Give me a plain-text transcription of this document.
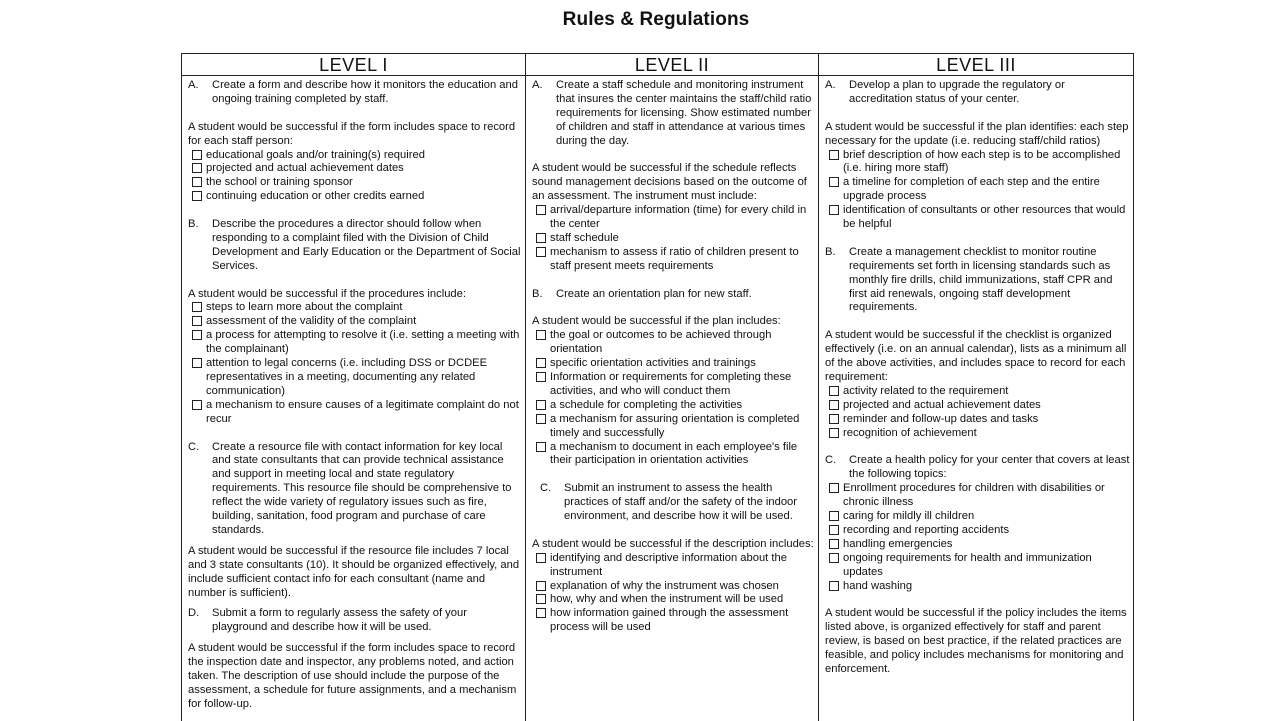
Rules & Regulations
LEVEL I
A.	Create a form and describe how it monitors the education and ongoing training completed by staff.

A student would be successful if the form includes space to record for each staff person:

educational goals and/or training(s) required
projected and actual achievement dates
the school or training sponsor
continuing education or other credits earned
B.	Describe the procedures a director should follow when responding to a complaint filed with the Division of Child Development and Early Education or the Department of Social Services.

A student would be successful if the procedures include:

steps to learn more about the complaint
assessment of the validity of the complaint
a process for attempting to resolve it (i.e. setting a meeting with the complainant)
attention to legal concerns (i.e. including DSS or DCDEE representatives in a meeting, documenting any related communication)
a mechanism to ensure causes of a legitimate complaint do not recur
C.	Create a resource file with contact information for key local and state consultants that can provide technical assistance and support in meeting local and state regulatory requirements. This resource file should be comprehensive to reflect the wide variety of regulatory issues such as fire, building, sanitation, food program and purchase of care standards.

A student would be successful if the resource file includes 7 local and 3 state consultants (10). It should be organized effectively, and include sufficient contact info for each consultant (name and number is sufficient).

D.	Submit a form to regularly assess the safety of your playground and describe how it will be used.

A student would be successful if the form includes space to record the inspection date and inspector, any problems noted, and action taken. The description of use should include the purpose of the assessment, a schedule for future assignments, and a mechanism for follow-up.

LEVEL II
A.	Create a staff schedule and monitoring instrument that insures the center maintains the staff/child ratio requirements for licensing. Show estimated number of children and staff in attendance at various times during the day.

A student would be successful if the schedule reflects sound management decisions based on the outcome of an assessment. The instrument must include:

arrival/departure information (time) for every child in the center
staff schedule
mechanism to assess if ratio of children present to staff present meets requirements
B.	Create an orientation plan for new staff.

A student would be successful if the plan includes:

the goal or outcomes to be achieved through orientation
specific orientation activities and trainings
Information or requirements for completing these activities, and who will conduct them
a schedule for completing the activities
a mechanism for assuring orientation is completed timely and successfully
a mechanism to document in each employee's file their participation in orientation activities
C.	Submit an instrument to assess the health practices of staff and/or the safety of the indoor environment, and describe how it will be used.

A student would be successful if the description includes:

identifying and descriptive information about the instrument
explanation of why the instrument was chosen
how, why and when the instrument will be used
how information gained through the assessment process will be used
LEVEL III
A.	Develop a plan to upgrade the regulatory or accreditation status of your center.

A student would be successful if the plan identifies: each step necessary for the update (i.e. reducing staff/child ratios)

brief description of how each step is to be accomplished (i.e. hiring more staff)
a timeline for completion of each step and the entire upgrade process
identification of consultants or other resources that would be helpful
B.	Create a management checklist to monitor routine requirements set forth in licensing standards such as monthly fire drills, child immunizations, staff CPR and first aid renewals, ongoing staff development requirements.

A student would be successful if the checklist is organized effectively (i.e. on an annual calendar), lists as a minimum all of the above activities, and includes space to record for each requirement:

activity related to the requirement
projected and actual achievement dates
reminder and follow-up dates and tasks
recognition of achievement
C.	Create a health policy for your center that covers at least the following topics:
Enrollment procedures for children with disabilities or chronic illness
caring for mildly ill children
recording and reporting accidents
handling emergencies
ongoing requirements for health and immunization updates
hand washing

A student would be successful if the policy includes the items listed above, is organized effectively for staff and parent review, is based on best practice, if the related practices are feasible, and policy includes mechanisms for monitoring and enforcement.
